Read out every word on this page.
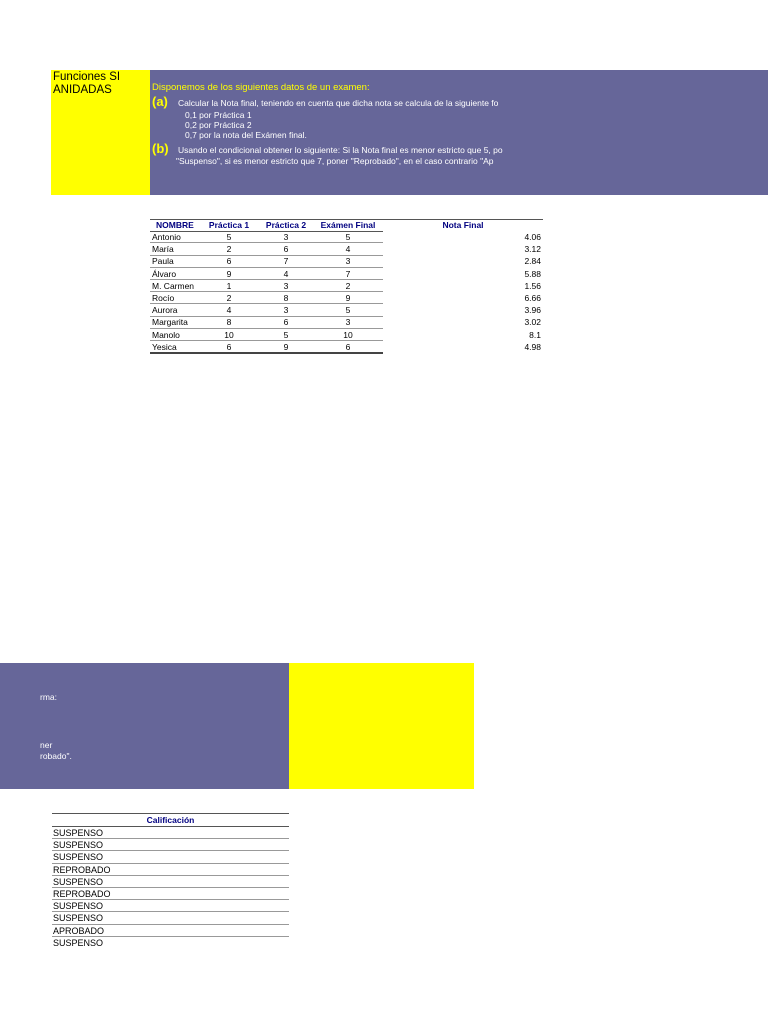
Funciones SI
ANIDADAS	Disponemos de los siguientes datos de un examen:
(a) Calcular la Nota final, teniendo en cuenta que dicha nota se calcula de la siguiente fo
0,1 por Práctica 1
0,2 por Práctica 2
0,7 por la nota del Exámen final.
(b) Usando el condicional obtener lo siguiente: Si la Nota final es menor estricto que 5, po
"Suspenso", si es menor estricto que 7, poner "Reprobado", en el caso contrario "Ap
NOMBRE	Práctica 1	Práctica 2	Exámen Final	Nota Final
Antonio	5	3	5	4.06
María	2	6	4	3.12
Paula	6	7	3	2.84
Álvaro	9	4	7	5.88
M. Carmen	1	3	2	1.56
Rocío	2	8	9	6.66
Aurora	4	3	5	3.96
Margarita	8	6	3	3.02
Manolo	10	5	10	8.1
Yesica	6	9	6	4.98
rma:
ner
robado".
Calificación
SUSPENSO
SUSPENSO
SUSPENSO
REPROBADO
SUSPENSO
REPROBADO
SUSPENSO
SUSPENSO
APROBADO
SUSPENSO
